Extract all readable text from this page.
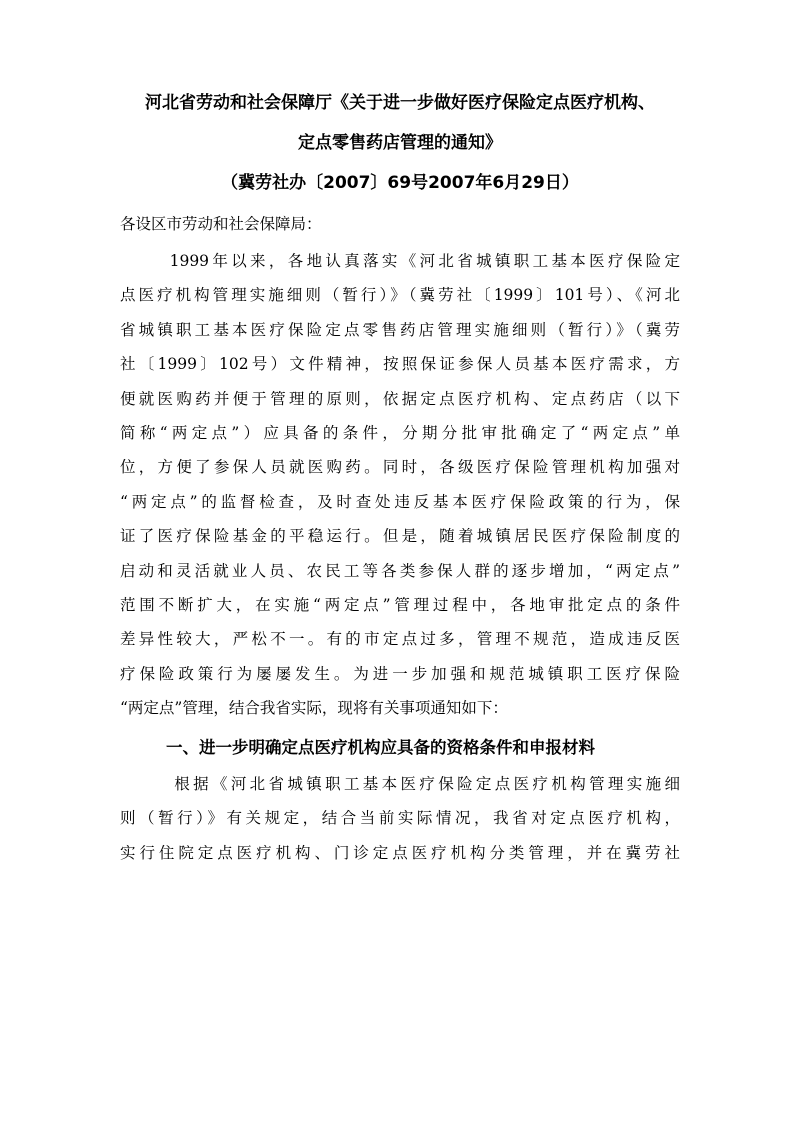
河北省劳动和社会保障厅《关于进一步做好医疗保险定点医疗机构、
定点零售药店管理的通知》
（冀劳社办〔2007〕69号2007年6月29日）

各设区市劳动和社会保障局：

1999年以来，各地认真落实《河北省城镇职工基本医疗保险定
点医疗机构管理实施细则（暂行）》（冀劳社〔1999〕101号）、《河北
省城镇职工基本医疗保险定点零售药店管理实施细则（暂行）》（冀劳
社〔1999〕102号）文件精神，按照保证参保人员基本医疗需求，方
便就医购药并便于管理的原则，依据定点医疗机构、定点药店（以下
简称“两定点”）应具备的条件，分期分批审批确定了“两定点”单
位，方便了参保人员就医购药。同时，各级医疗保险管理机构加强对
“两定点”的监督检查，及时查处违反基本医疗保险政策的行为，保
证了医疗保险基金的平稳运行。但是，随着城镇居民医疗保险制度的
启动和灵活就业人员、农民工等各类参保人群的逐步增加，“两定点”
范围不断扩大，在实施“两定点”管理过程中，各地审批定点的条件
差异性较大，严松不一。有的市定点过多，管理不规范，造成违反医
疗保险政策行为屡屡发生。为进一步加强和规范城镇职工医疗保险
“两定点”管理，结合我省实际，现将有关事项通知如下：
一、进一步明确定点医疗机构应具备的资格条件和申报材料
根据《河北省城镇职工基本医疗保险定点医疗机构管理实施细
则（暂行）》有关规定，结合当前实际情况，我省对定点医疗机构，
实行住院定点医疗机构、门诊定点医疗机构分类管理，并在冀劳社
